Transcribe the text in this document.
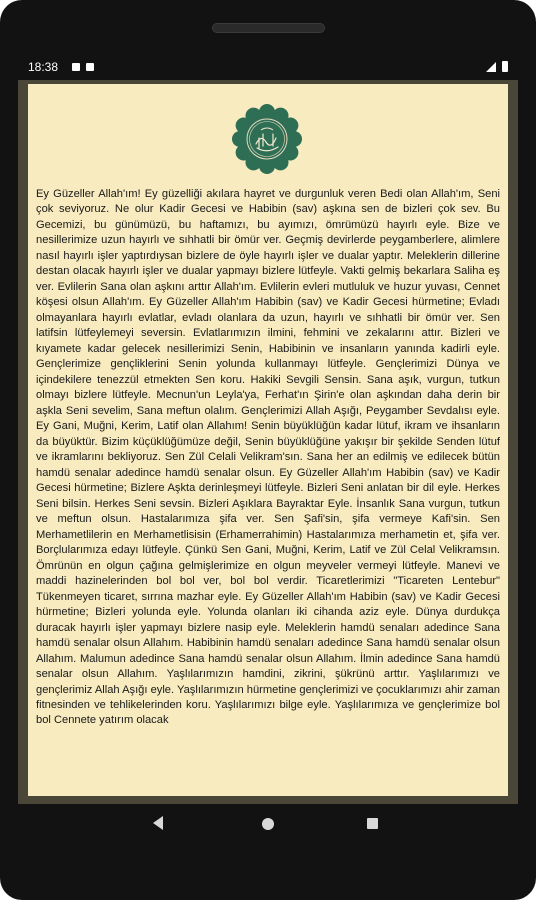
18:38

Ey Güzeller Allah'ım! Ey güzelliği akılara hayret ve durgunluk veren Bedi olan Allah'ım, Seni çok seviyoruz. Ne olur Kadir Gecesi ve Habibin (sav) aşkına sen de bizleri çok sev. Bu Gecemizi, bu günümüzü, bu haftamızı, bu ayımızı, ömrümüzü hayırlı eyle. Bize ve nesillerimize uzun hayırlı ve sıhhatli bir ömür ver. Geçmiş devirlerde peygamberlere, alimlere nasıl hayırlı işler yaptırdıysan bizlere de öyle hayırlı işler ve dualar yaptır. Meleklerin dillerine destan olacak hayırlı işler ve dualar yapmayı bizlere lütfeyle. Vakti gelmiş bekarlara Saliha eş ver. Evlilerin Sana olan aşkını arttır Allah'ım. Evlilerin evleri mutluluk ve huzur yuvası, Cennet köşesi olsun Allah'ım. Ey Güzeller Allah'ım Habibin (sav) ve Kadir Gecesi hürmetine; Evladı olmayanlara hayırlı evlatlar, evladı olanlara da uzun, hayırlı ve sıhhatli bir ömür ver. Sen latifsin lütfeylemeyi seversin. Evlatlarımızın ilmini, fehmini ve zekalarını attır. Bizleri ve kıyamete kadar gelecek nesillerimizi Senin, Habibinin ve insanların yanında kadirli eyle. Gençlerimize gençliklerini Senin yolunda kullanmayı lütfeyle. Gençlerimizi Dünya ve içindekilere tenezzül etmekten Sen koru. Hakiki Sevgili Sensin. Sana aşık, vurgun, tutkun olmayı bizlere lütfeyle. Mecnun'un Leyla'ya, Ferhat'ın Şirin'e olan aşkından daha derin bir aşkla Seni sevelim, Sana meftun olalım. Gençlerimizi Allah Aşığı, Peygamber Sevdalısı eyle. Ey Gani, Muğni, Kerim, Latif olan Allahım! Senin büyüklüğün kadar lütuf, ikram ve ihsanların da büyüktür. Bizim küçüklüğümüze değil, Senin büyüklüğüne yakışır bir şekilde Senden lütuf ve ikramlarını bekliyoruz. Sen Zül Celali Velikram'sın. Sana her an edilmiş ve edilecek bütün hamdü senalar adedince hamdü senalar olsun. Ey Güzeller Allah'ım Habibin (sav) ve Kadir Gecesi hürmetine; Bizlere Aşkta derinleşmeyi lütfeyle. Bizleri Seni anlatan bir dil eyle. Herkes Seni bilsin. Herkes Seni sevsin. Bizleri Aşıklara Bayraktar Eyle. İnsanlık Sana vurgun, tutkun ve meftun olsun. Hastalarımıza şifa ver. Sen Şafi'sin, şifa vermeye Kafi'sin. Sen Merhametlilerin en Merhametlisisin (Erhamerrahimin) Hastalarımıza merhametin et, şifa ver. Borçlularımıza edayı lütfeyle. Çünkü Sen Gani, Muğni, Kerim, Latif ve Zül Celal Velikramsın. Ömrünün en olgun çağına gelmişlerimize en olgun meyveler vermeyi lütfeyle. Manevi ve maddi hazinelerinden bol bol ver, bol bol verdir. Ticaretlerimizi "Ticareten Lentebur" Tükenmeyen ticaret, sırrına mazhar eyle. Ey Güzeller Allah'ım Habibin (sav) ve Kadir Gecesi hürmetine; Bizleri yolunda eyle. Yolunda olanları iki cihanda aziz eyle. Dünya durdukça duracak hayırlı işler yapmayı bizlere nasip eyle. Meleklerin hamdü senaları adedince Sana hamdü senalar olsun Allahım. Habibinin hamdü senaları adedince Sana hamdü senalar olsun Allahım. Malumun adedince Sana hamdü senalar olsun Allahım. İlmin adedince Sana hamdü senalar olsun Allahım. Yaşlılarımızın hamdini, zikrini, şükrünü arttır. Yaşlılarımızı ve gençlerimiz Allah Aşığı eyle. Yaşlılarımızın hürmetine gençlerimizi ve çocuklarımızı ahir zaman fitnesinden ve tehlikelerinden koru. Yaşlılarımızı bilge eyle. Yaşlılarımıza ve gençlerimize bol bol Cennete yatırım olacak
